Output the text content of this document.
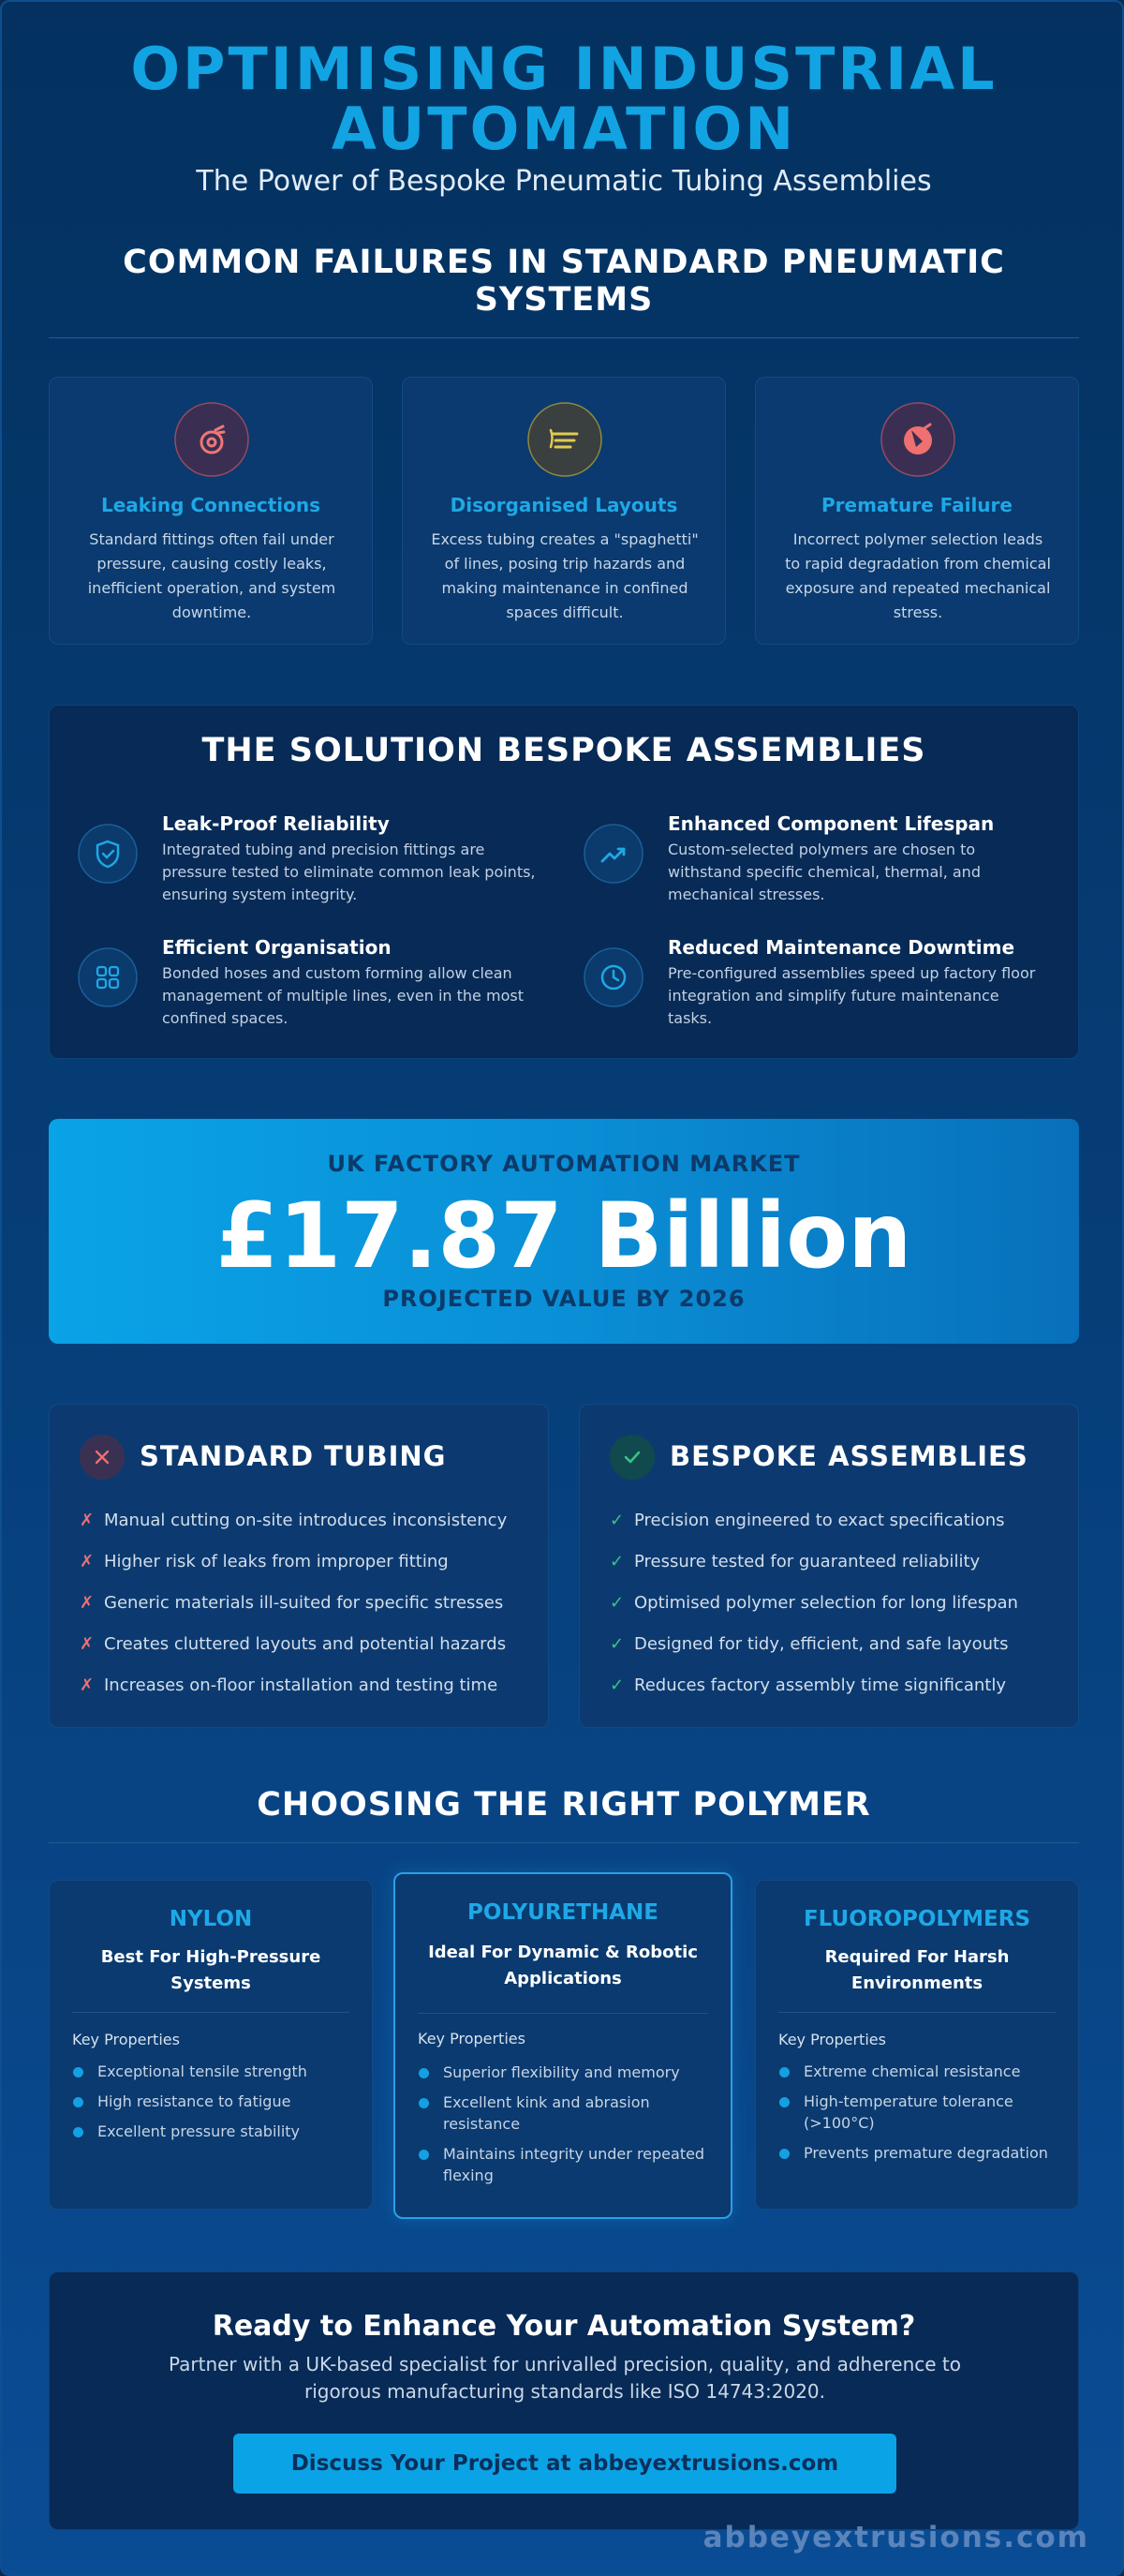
OPTIMISING INDUSTRIAL
AUTOMATION
The Power of Bespoke Pneumatic Tubing Assemblies
COMMON FAILURES IN STANDARD PNEUMATIC
SYSTEMS
Leaking Connections
Standard fittings often fail under pressure, causing costly leaks, inefficient operation, and system downtime.
Disorganised Layouts
Excess tubing creates a "spaghetti" of lines, posing trip hazards and making maintenance in confined spaces difficult.
Premature Failure
Incorrect polymer selection leads to rapid degradation from chemical exposure and repeated mechanical stress.
THE SOLUTION BESPOKE ASSEMBLIES
Leak-Proof Reliability
Integrated tubing and precision fittings are pressure tested to eliminate common leak points, ensuring system integrity.
Enhanced Component Lifespan
Custom-selected polymers are chosen to withstand specific chemical, thermal, and mechanical stresses.
Efficient Organisation
Bonded hoses and custom forming allow clean management of multiple lines, even in the most confined spaces.
Reduced Maintenance Downtime
Pre-configured assemblies speed up factory floor integration and simplify future maintenance tasks.
UK FACTORY AUTOMATION MARKET
£17.87 Billion
PROJECTED VALUE BY 2026
STANDARD TUBING
✗ Manual cutting on-site introduces inconsistency
✗ Higher risk of leaks from improper fitting
✗ Generic materials ill-suited for specific stresses
✗ Creates cluttered layouts and potential hazards
✗ Increases on-floor installation and testing time
BESPOKE ASSEMBLIES
✓ Precision engineered to exact specifications
✓ Pressure tested for guaranteed reliability
✓ Optimised polymer selection for long lifespan
✓ Designed for tidy, efficient, and safe layouts
✓ Reduces factory assembly time significantly
CHOOSING THE RIGHT POLYMER
NYLON
Best For High-Pressure
Systems
Key Properties
Exceptional tensile strength
High resistance to fatigue
Excellent pressure stability
POLYURETHANE
Ideal For Dynamic & Robotic
Applications
Key Properties
Superior flexibility and memory
Excellent kink and abrasion resistance
Maintains integrity under repeated flexing
FLUOROPOLYMERS
Required For Harsh
Environments
Key Properties
Extreme chemical resistance
High-temperature tolerance (>100°C)
Prevents premature degradation
Ready to Enhance Your Automation System?
Partner with a UK-based specialist for unrivalled precision, quality, and adherence to rigorous manufacturing standards like ISO 14743:2020.
Discuss Your Project at abbeyextrusions.com
abbeyextrusions.com
